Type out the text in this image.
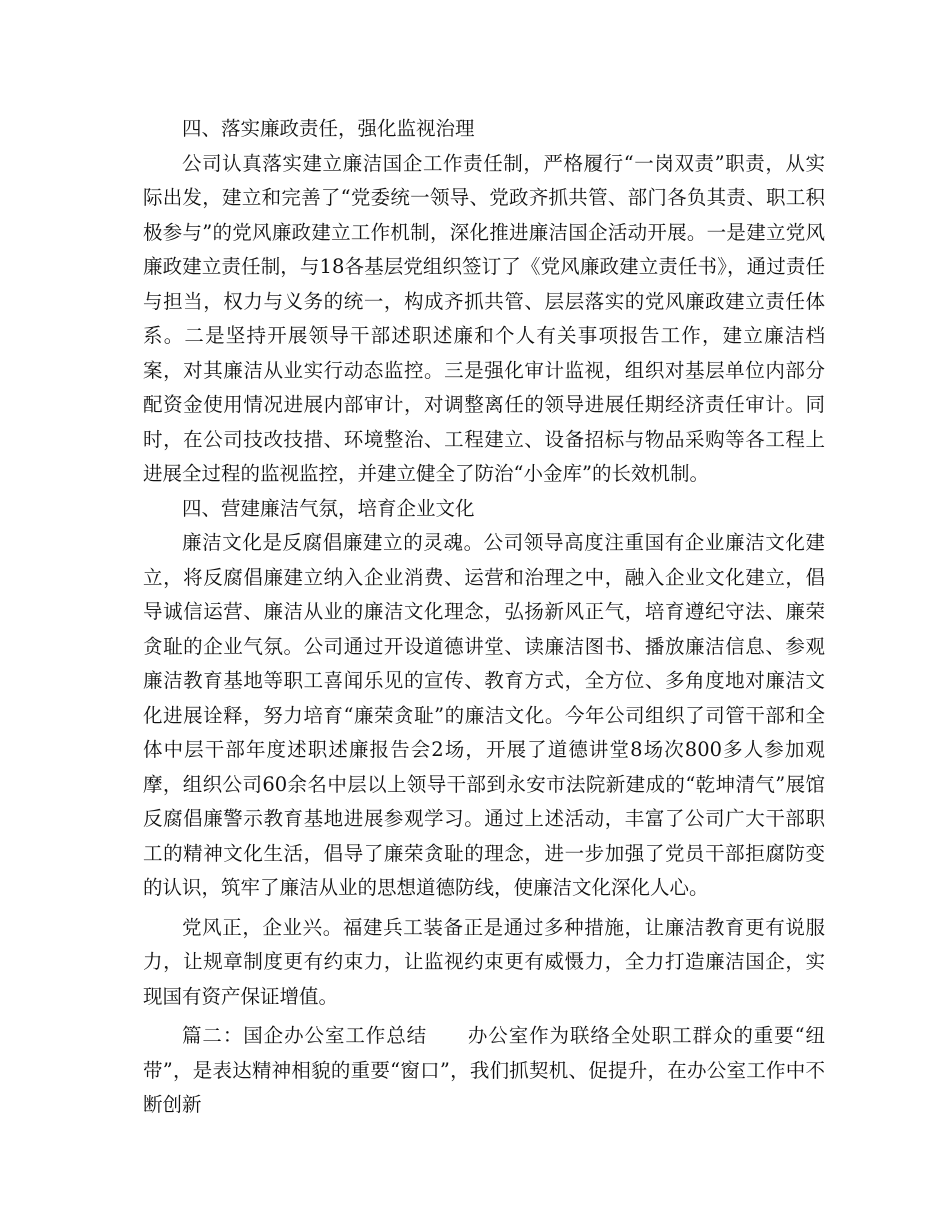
四、落实廉政责任，强化监视治理

公司认真落实建立廉洁国企工作责任制，严格履行“一岗双责”职责，从实际出发，建立和完善了“党委统一领导、党政齐抓共管、部门各负其责、职工积极参与”的党风廉政建立工作机制，深化推进廉洁国企活动开展。一是建立党风廉政建立责任制，与18各基层党组织签订了《党风廉政建立责任书》，通过责任与担当，权力与义务的统一，构成齐抓共管、层层落实的党风廉政建立责任体系。二是坚持开展领导干部述职述廉和个人有关事项报告工作，建立廉洁档案，对其廉洁从业实行动态监控。三是强化审计监视，组织对基层单位内部分配资金使用情况进展内部审计，对调整离任的领导进展任期经济责任审计。同时，在公司技改技措、环境整治、工程建立、设备招标与物品采购等各工程上进展全过程的监视监控，并建立健全了防治“小金库”的长效机制。

四、营建廉洁气氛，培育企业文化

廉洁文化是反腐倡廉建立的灵魂。公司领导高度注重国有企业廉洁文化建立，将反腐倡廉建立纳入企业消费、运营和治理之中，融入企业文化建立，倡导诚信运营、廉洁从业的廉洁文化理念，弘扬新风正气，培育遵纪守法、廉荣贪耻的企业气氛。公司通过开设道德讲堂、读廉洁图书、播放廉洁信息、参观廉洁教育基地等职工喜闻乐见的宣传、教育方式，全方位、多角度地对廉洁文化进展诠释，努力培育“廉荣贪耻”的廉洁文化。今年公司组织了司管干部和全体中层干部年度述职述廉报告会2场，开展了道德讲堂8场次800多人参加观摩，组织公司60余名中层以上领导干部到永安市法院新建成的“乾坤清气”展馆反腐倡廉警示教育基地进展参观学习。通过上述活动，丰富了公司广大干部职工的精神文化生活，倡导了廉荣贪耻的理念，进一步加强了党员干部拒腐防变的认识，筑牢了廉洁从业的思想道德防线，使廉洁文化深化人心。

党风正，企业兴。福建兵工装备正是通过多种措施，让廉洁教育更有说服力，让规章制度更有约束力，让监视约束更有威慑力，全力打造廉洁国企，实现国有资产保证增值。

篇二：国企办公室工作总结　　办公室作为联络全处职工群众的重要“纽带”，是表达精神相貌的重要“窗口”，我们抓契机、促提升，在办公室工作中不断创新
